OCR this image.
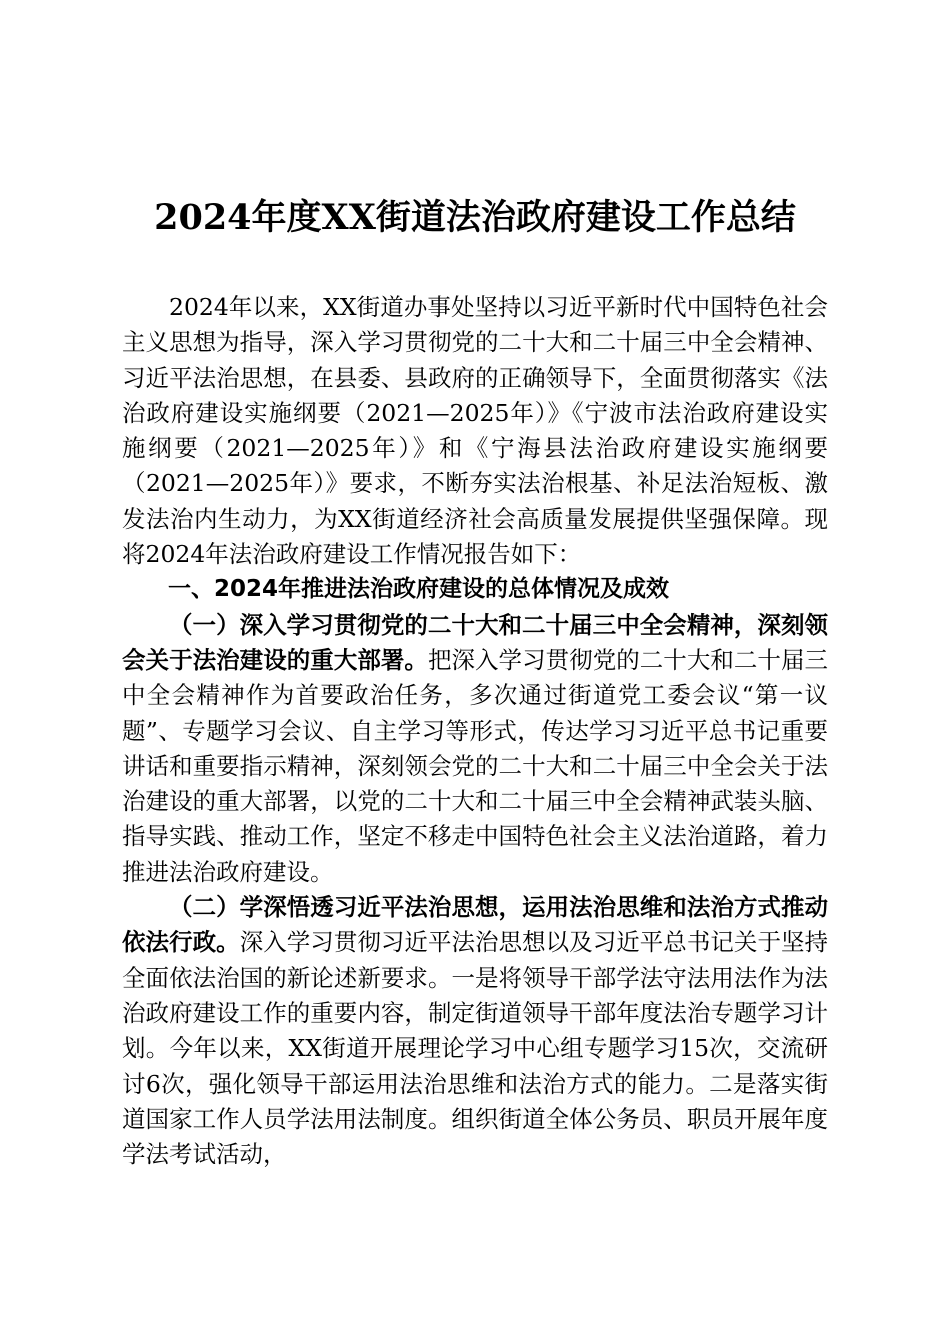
2024年度XX街道法治政府建设工作总结

2024年以来，XX街道办事处坚持以习近平新时代中国特色社会主义思想为指导，深入学习贯彻党的二十大和二十届三中全会精神、习近平法治思想，在县委、县政府的正确领导下，全面贯彻落实《法治政府建设实施纲要（2021—2025年）》《宁波市法治政府建设实施纲要（2021—2025年）》和《宁海县法治政府建设实施纲要（2021—2025年）》要求，不断夯实法治根基、补足法治短板、激发法治内生动力，为XX街道经济社会高质量发展提供坚强保障。现将2024年法治政府建设工作情况报告如下：

一、2024年推进法治政府建设的总体情况及成效

（一）深入学习贯彻党的二十大和二十届三中全会精神，深刻领会关于法治建设的重大部署。把深入学习贯彻党的二十大和二十届三中全会精神作为首要政治任务，多次通过街道党工委会议“第一议题”、专题学习会议、自主学习等形式，传达学习习近平总书记重要讲话和重要指示精神，深刻领会党的二十大和二十届三中全会关于法治建设的重大部署，以党的二十大和二十届三中全会精神武装头脑、指导实践、推动工作，坚定不移走中国特色社会主义法治道路，着力推进法治政府建设。

（二）学深悟透习近平法治思想，运用法治思维和法治方式推动依法行政。深入学习贯彻习近平法治思想以及习近平总书记关于坚持全面依法治国的新论述新要求。一是将领导干部学法守法用法作为法治政府建设工作的重要内容，制定街道领导干部年度法治专题学习计划。今年以来，XX街道开展理论学习中心组专题学习15次，交流研讨6次，强化领导干部运用法治思维和法治方式的能力。二是落实街道国家工作人员学法用法制度。组织街道全体公务员、职员开展年度学法考试活动，
